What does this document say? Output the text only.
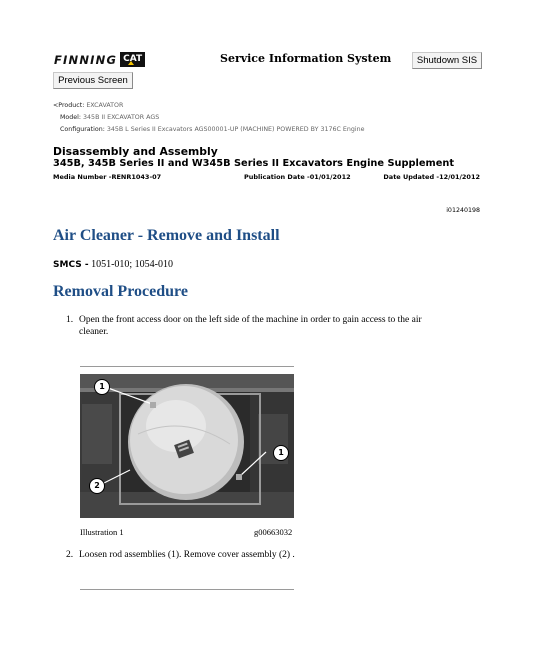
FINNING CAT	Service Information System	Shutdown SIS
Previous Screen
<Product: EXCAVATOR
Model: 345B II EXCAVATOR AGS
Configuration: 345B L Series II Excavators AGS00001-UP (MACHINE) POWERED BY 3176C Engine
Disassembly and Assembly
345B, 345B Series II and W345B Series II Excavators Engine Supplement
Media Number -RENR1043-07	Publication Date -01/01/2012	Date Updated -12/01/2012
i01240198
Air Cleaner - Remove and Install
SMCS - 1051-010; 1054-010
Removal Procedure
1. Open the front access door on the left side of the machine in order to gain access to the air
cleaner.
1
1
2
Illustration 1	g00663032
2. Loosen rod assemblies (1). Remove cover assembly (2) .
